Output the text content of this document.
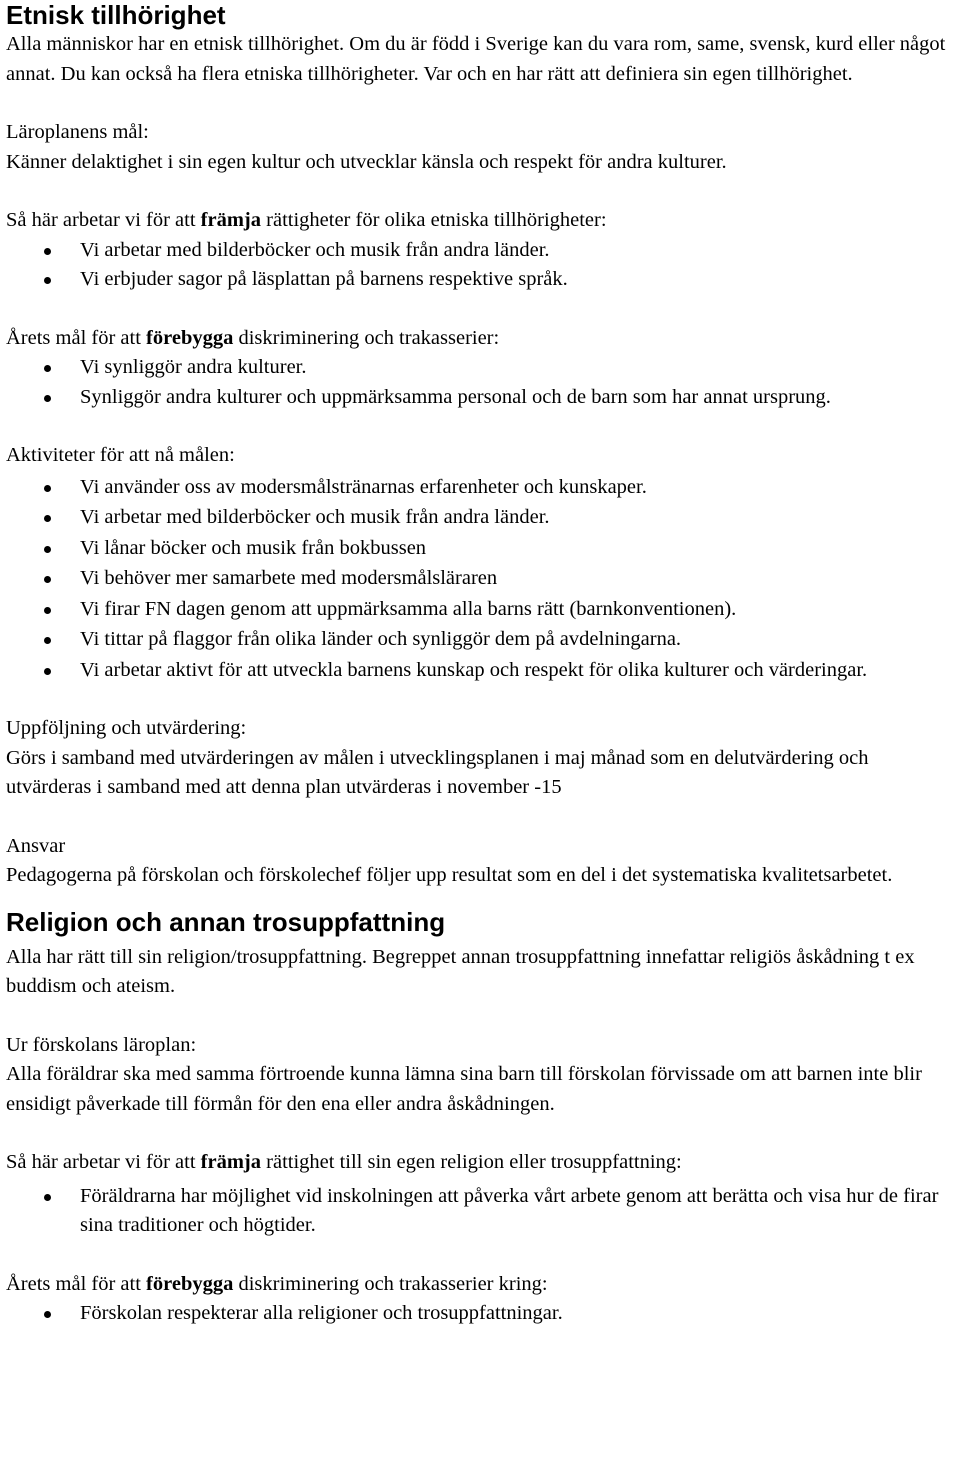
Etnisk tillhörighet

Alla människor har en etnisk tillhörighet. Om du är född i Sverige kan du vara rom, same, svensk, kurd eller något annat. Du kan också ha flera etniska tillhörigheter. Var och en har rätt att definiera sin egen tillhörighet.

Läroplanens mål:

Känner delaktighet i sin egen kultur och utvecklar känsla och respekt för andra kulturer.

Så här arbetar vi för att främja rättigheter för olika etniska tillhörigheter:

Vi arbetar med bilderböcker och musik från andra länder.
Vi erbjuder sagor på läsplattan på barnens respektive språk.

Årets mål för att förebygga diskriminering och trakasserier:

Vi synliggör andra kulturer.
Synliggör andra kulturer och uppmärksamma personal och de barn som har annat ursprung.

Aktiviteter för att nå målen:

Vi använder oss av modersmålstränarnas erfarenheter och kunskaper.
Vi arbetar med bilderböcker och musik från andra länder.
Vi lånar böcker och musik från bokbussen
Vi behöver mer samarbete med modersmålsläraren
Vi firar FN dagen genom att uppmärksamma alla barns rätt (barnkonventionen).
Vi tittar på flaggor från olika länder och synliggör dem på avdelningarna.
Vi arbetar aktivt för att utveckla barnens kunskap och respekt för olika kulturer och värderingar.

Uppföljning och utvärdering:

Görs i samband med utvärderingen av målen i utvecklingsplanen i maj månad som en delutvärdering och utvärderas i samband med att denna plan utvärderas i november -15

Ansvar

Pedagogerna på förskolan och förskolechef följer upp resultat som en del i det systematiska kvalitetsarbetet.

Religion och annan trosuppfattning

Alla har rätt till sin religion/trosuppfattning. Begreppet annan trosuppfattning innefattar religiös åskådning t ex buddism och ateism.

Ur förskolans läroplan:

Alla föräldrar ska med samma förtroende kunna lämna sina barn till förskolan förvissade om att barnen inte blir ensidigt påverkade till förmån för den ena eller andra åskådningen.

Så här arbetar vi för att främja rättighet till sin egen religion eller trosuppfattning:

Föräldrarna har möjlighet vid inskolningen att påverka vårt arbete genom att berätta och visa hur de firar sina traditioner och högtider.

Årets mål för att förebygga diskriminering och trakasserier kring:

Förskolan respekterar alla religioner och trosuppfattningar.
